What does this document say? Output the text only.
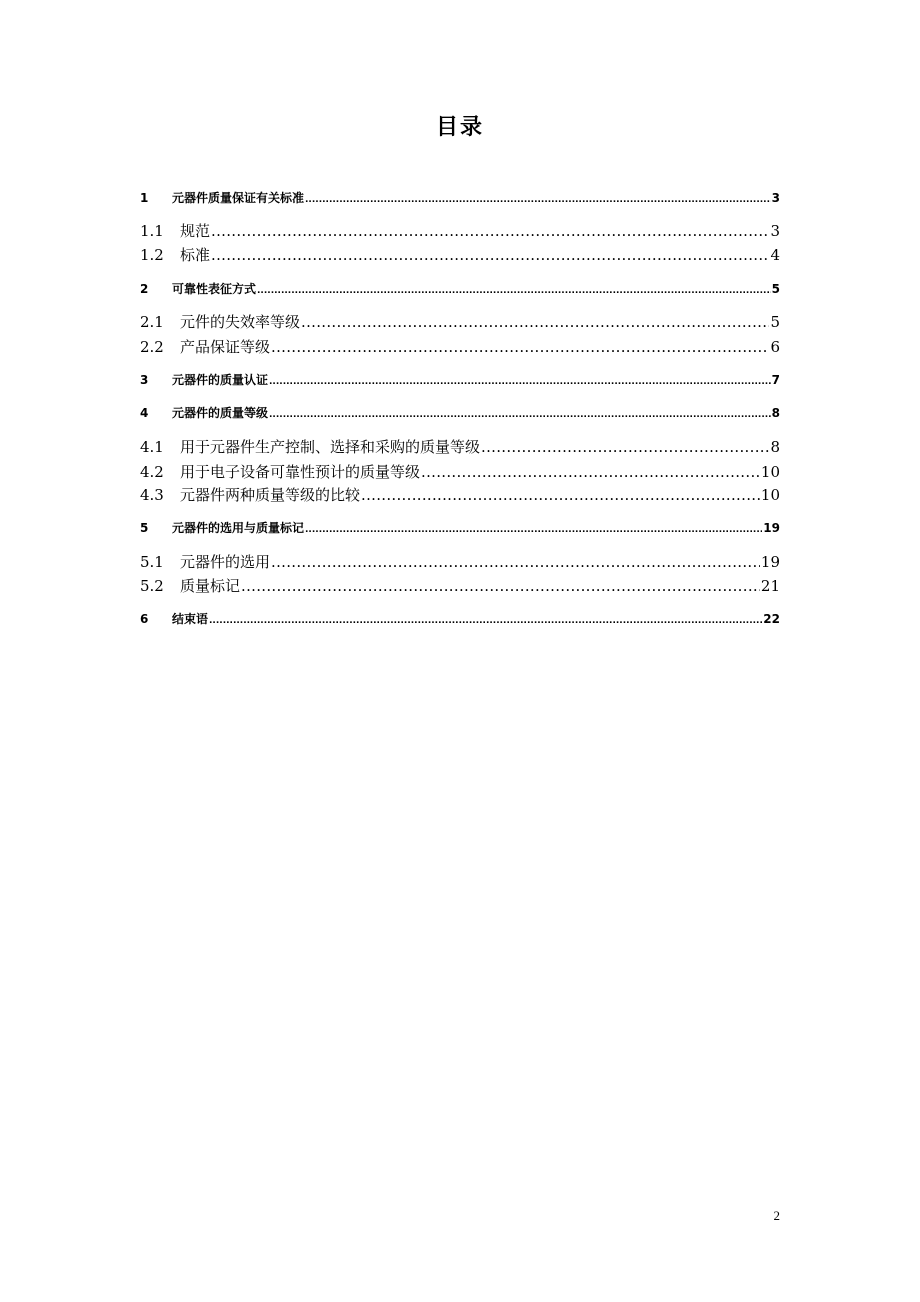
目录
1	元器件质量保证有关标准 .....	3
1.1	规范 .....	3
1.2	标准 .....	4
2	可靠性表征方式 .....	5
2.1	元件的失效率等级 .....	5
2.2	产品保证等级 .....	6
3	元器件的质量认证 .....	7
4	元器件的质量等级 .....	8
4.1	用于元器件生产控制、选择和采购的质量等级 .....	8
4.2	用于电子设备可靠性预计的质量等级 .....	10
4.3	元器件两种质量等级的比较 .....	10
5	元器件的选用与质量标记 .....	19
5.1	元器件的选用 .....	19
5.2	质量标记 .....	21
6	结束语 .....	22
2
